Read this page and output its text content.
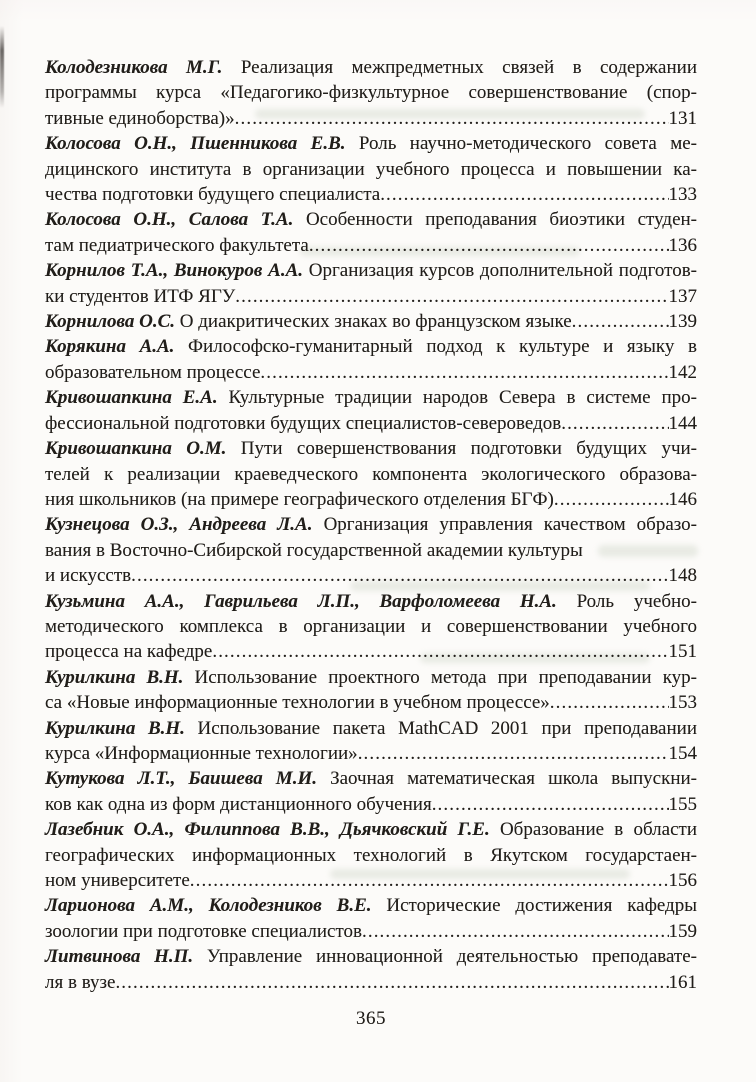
Колодезникова М.Г. Реализация межпредметных связей в содержании
программы курса «Педагогико-физкультурное совершенствование (спор-
тивные единоборства)» .....	131
Колосова О.Н., Пшенникова Е.В. Роль научно-методического совета ме-
дицинского института в организации учебного процесса и повышении ка-
чества подготовки будущего специалиста .....	133
Колосова О.Н., Салова Т.А. Особенности преподавания биоэтики студен-
там педиатрического факультета .....	136
Корнилов Т.А., Винокуров А.А. Организация курсов дополнительной подготов-
ки студентов ИТФ ЯГУ .....	137
Корнилова О.С. О диакритических знаках во французском языке .....	139
Корякина А.А. Философско-гуманитарный подход к культуре и языку в
образовательном процессе .....	142
Кривошапкина Е.А. Культурные традиции народов Севера в системе про-
фессиональной подготовки будущих специалистов-североведов .....	144
Кривошапкина О.М. Пути совершенствования подготовки будущих учи-
телей к реализации краеведческого компонента экологического образова-
ния школьников (на примере географического отделения БГФ) .....	146
Кузнецова О.З., Андреева Л.А. Организация управления качеством образо-
вания в Восточно-Сибирской государственной академии культуры
и искусств .....	148
Кузьмина А.А., Гаврильева Л.П., Варфоломеева Н.А. Роль учебно-
методического комплекса в организации и совершенствовании учебного
процесса на кафедре .....	151
Курилкина В.Н. Использование проектного метода при преподавании кур-
са «Новые информационные технологии в учебном процессе» .....	153
Курилкина В.Н. Использование пакета MathCAD 2001 при преподавании
курса «Информационные технологии» .....	154
Кутукова Л.Т., Баишева М.И. Заочная математическая школа выпускни-
ков как одна из форм дистанционного обучения .....	155
Лазебник О.А., Филиппова В.В., Дьячковский Г.Е. Образование в области
географических информационных технологий в Якутском государстаен-
ном университете .....	156
Ларионова А.М., Колодезников В.Е. Исторические достижения кафедры
зоологии при подготовке специалистов .....	159
Литвинова Н.П. Управление инновационной деятельностью преподавате-
ля в вузе .....	161
365
